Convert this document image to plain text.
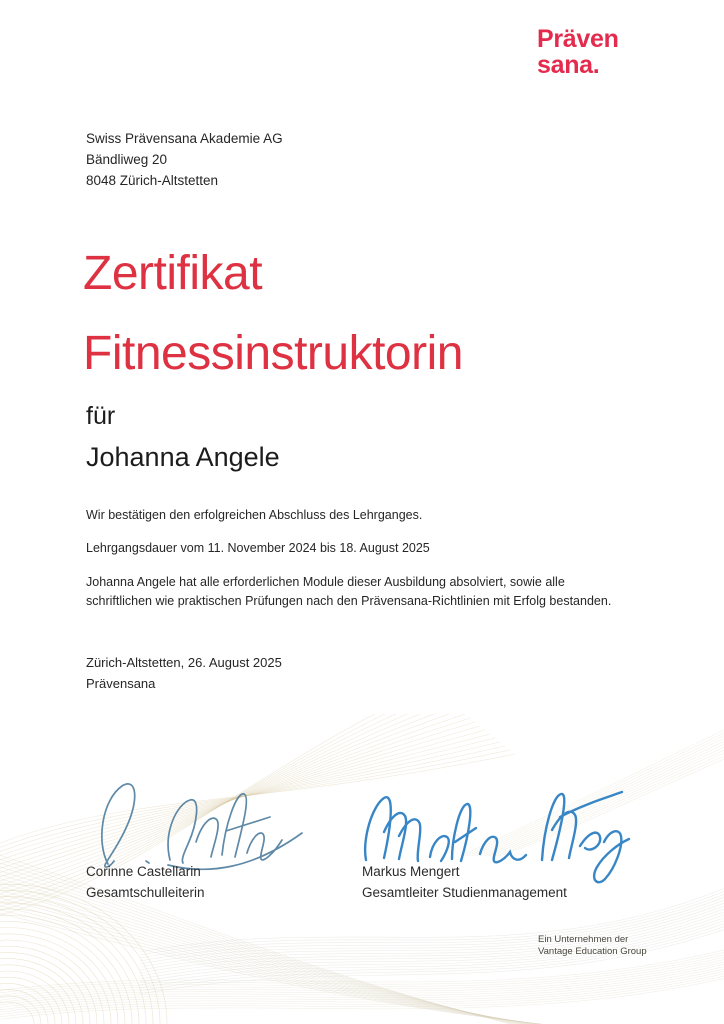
Präven
sana.
Swiss Prävensana Akademie AG
Bändliweg 20
8048 Zürich-Altstetten
Zertifikat
Fitnessinstruktorin
für
Johanna Angele
Wir bestätigen den erfolgreichen Abschluss des Lehrganges.
Lehrgangsdauer vom 11. November 2024 bis 18. August 2025
Johanna Angele hat alle erforderlichen Module dieser Ausbildung absolviert, sowie alle schriftlichen wie praktischen Prüfungen nach den Prävensana-Richtlinien mit Erfolg bestanden.
Zürich-Altstetten, 26. August 2025
Prävensana
Corinne Castellarin
Gesamtschulleiterin
Markus Mengert
Gesamtleiter Studienmanagement
Ein Unternehmen der
Vantage Education Group
